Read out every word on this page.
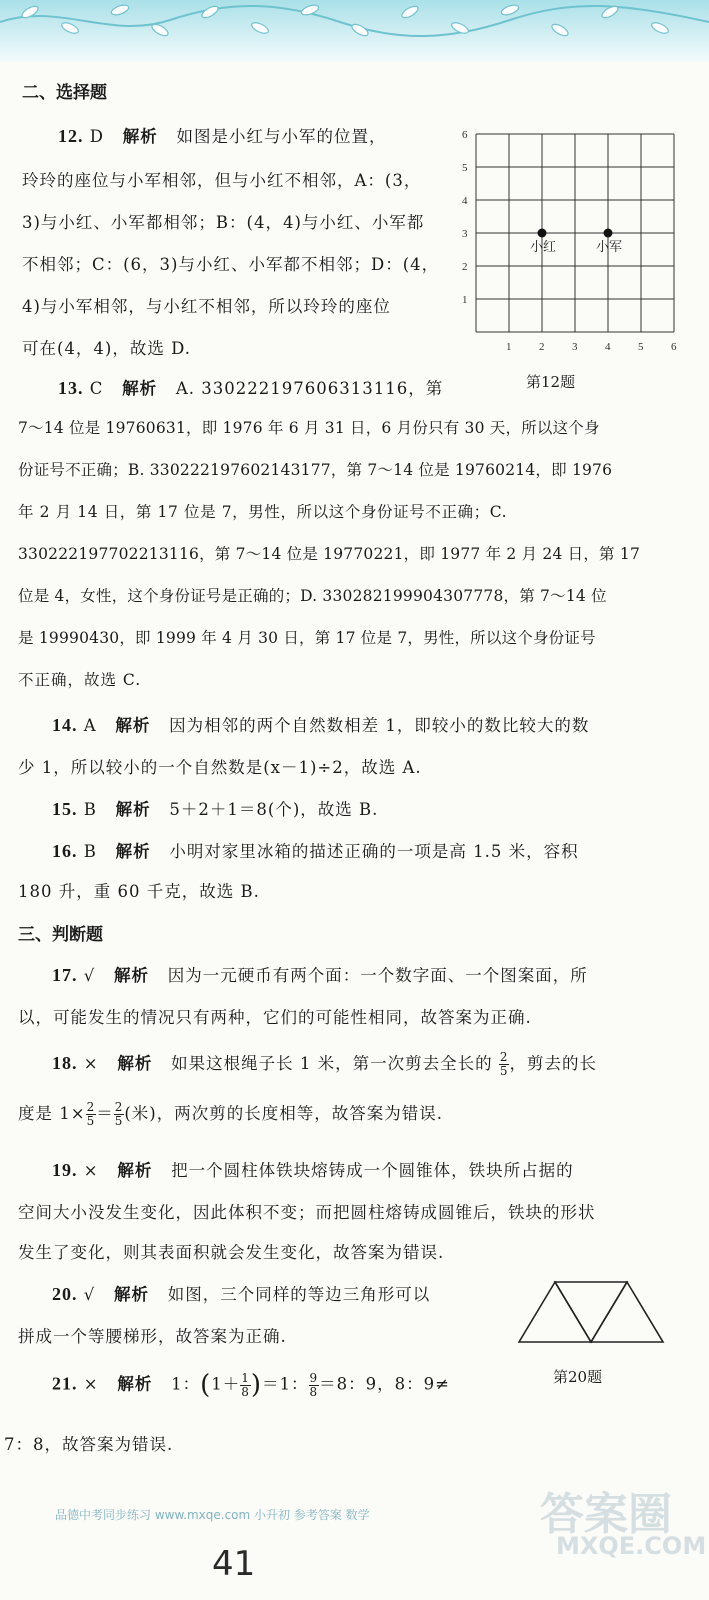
二、选择题
12. D 解析 如图是小红与小军的位置，
玲玲的座位与小军相邻，但与小红不相邻，A：(3，
3)与小红、小军都相邻；B：(4，4)与小红、小军都
不相邻；C：(6，3)与小红、小军都不相邻；D：(4，
4)与小军相邻，与小红不相邻，所以玲玲的座位
可在(4，4)，故选 D.	1	2	3	4	5	6
1
2
3
4
5
6
小红	小军
第12题
13. C 解析 A. 330222197606313116，第
7～14 位是 19760631，即 1976 年 6 月 31 日，6 月份只有 30 天，所以这个身
份证号不正确；B. 330222197602143177，第 7～14 位是 19760214，即 1976
年 2 月 14 日，第 17 位是 7，男性，所以这个身份证号不正确；C.
330222197702213116，第 7～14 位是 19770221，即 1977 年 2 月 24 日，第 17
位是 4，女性，这个身份证号是正确的；D. 330282199904307778，第 7～14 位
是 19990430，即 1999 年 4 月 30 日，第 17 位是 7，男性，所以这个身份证号
不正确，故选 C.
14. A 解析 因为相邻的两个自然数相差 1，即较小的数比较大的数
少 1，所以较小的一个自然数是(x－1)÷2，故选 A.
15. B 解析 5＋2＋1＝8(个)，故选 B.
16. B 解析 小明对家里冰箱的描述正确的一项是高 1.5 米，容积
180 升，重 60 千克，故选 B.
三、判断题
17. √ 解析 因为一元硬币有两个面：一个数字面、一个图案面，所
以，可能发生的情况只有两种，它们的可能性相同，故答案为正确.
18. × 解析 如果这根绳子长 1 米，第一次剪去全长的 $\frac{2}{5}$ ，剪去的长
度是 $1\times \frac{2}{5} = \frac{2}{5}$ (米)，两次剪的长度相等，故答案为错误.
19. × 解析 把一个圆柱体铁块熔铸成一个圆锥体，铁块所占据的
空间大小没发生变化，因此体积不变；而把圆柱熔铸成圆锥后，铁块的形状
发生了变化，则其表面积就会发生变化，故答案为错误.
20. √ 解析 如图，三个同样的等边三角形可以
拼成一个等腰梯形，故答案为正确.
第20题
21. × 解析 1：$(1+ \frac{1}{8} )=1$： $\frac{9}{8} =8$：9，8：9≠
7：8，故答案为错误.
品德中考同步练习 www.mxqe.com 小升初 参考答案 数学	答案圈
MXQE.COM
41
